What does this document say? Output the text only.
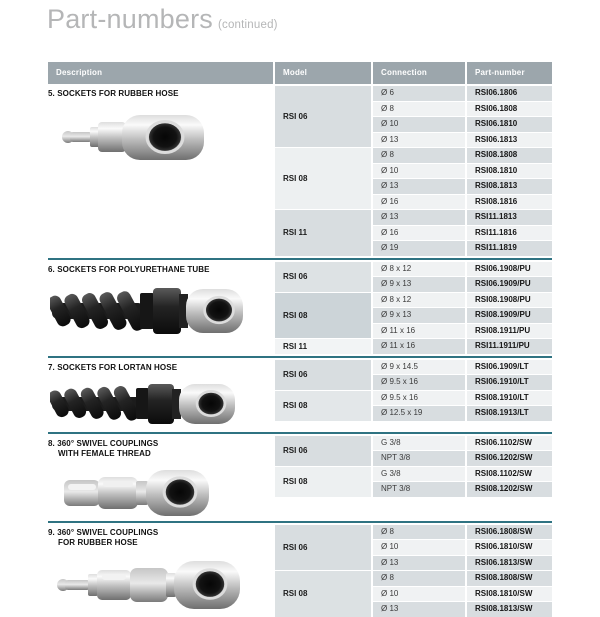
Part-numbers (continued)
Description	Model	Connection	Part-number
5. SOCKETS FOR RUBBER HOSE
RSI 06
Ø 6	RSI06.1806
Ø 8	RSI06.1808
Ø 10	RSI06.1810
Ø 13	RSI06.1813
RSI 08
Ø 8	RSI08.1808
Ø 10	RSI08.1810
Ø 13	RSI08.1813
Ø 16	RSI08.1816
RSI 11
Ø 13	RSI11.1813
Ø 16	RSI11.1816
Ø 19	RSI11.1819
6. SOCKETS FOR POLYURETHANE TUBE
RSI 06
Ø 8 x 12	RSI06.1908/PU
Ø 9 x 13	RSI06.1909/PU
RSI 08
Ø 8 x 12	RSI08.1908/PU
Ø 9 x 13	RSI08.1909/PU
Ø 11 x 16	RSI08.1911/PU
RSI 11	Ø 11 x 16	RSI11.1911/PU
7. SOCKETS FOR LORTAN HOSE
RSI 06
Ø 9 x 14.5	RSI06.1909/LT
Ø 9.5 x 16	RSI06.1910/LT
RSI 08
Ø 9.5 x 16	RSI08.1910/LT
Ø 12.5 x 19	RSI08.1913/LT
8. 360° SWIVEL COUPLINGS
WITH FEMALE THREAD	RSI 06
G 3/8	RSI06.1102/SW
NPT 3/8	RSI06.1202/SW
RSI 08
G 3/8	RSI08.1102/SW
NPT 3/8	RSI08.1202/SW
9. 360° SWIVEL COUPLINGS
FOR RUBBER HOSE
RSI 06
Ø 8	RSI06.1808/SW
Ø 10	RSI06.1810/SW
Ø 13	RSI06.1813/SW
RSI 08
Ø 8	RSI08.1808/SW
Ø 10	RSI08.1810/SW
Ø 13	RSI08.1813/SW
